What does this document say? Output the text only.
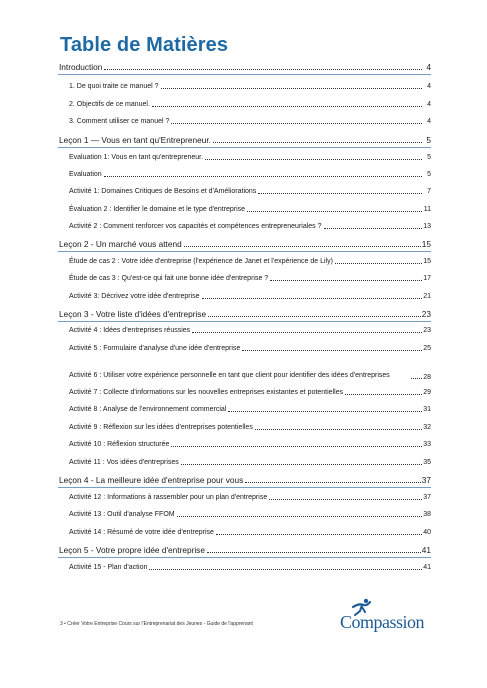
Table de Matières
Introduction	4
1. De quoi traite ce manuel ?	4
2. Objectifs de ce manuel.	4
3. Comment utiliser ce manuel ?	4
Leçon 1 — Vous en tant qu'Entrepreneur.	5
Evaluation 1: Vous en tant qu'entrepreneur.	5
Evaluation	5
Activité 1: Domaines Critiques de Besoins et d'Améliorations	7
Évaluation 2 : Identifier le domaine et le type d'entreprise	11
Activité 2 : Comment renforcer vos capacités et compétences entrepreneuriales ?	13
Leçon 2 - Un marché vous attend	15
Étude de cas 2 : Votre idée d'entreprise (l'expérience de Janet et l'expérience de Lily)	15
Étude de cas 3 : Qu'est-ce qui fait une bonne idée d'entreprise ?	17
Activité 3: Décrivez votre idée d'entreprise	21
Leçon 3 - Votre liste d'idées d'entreprise	23
Activité 4 : Idées d'entreprises réussies	23
Activité 5 : Formulaire d'analyse d'une idée d'entreprise	25
Activité 6 : Utiliser votre expérience personnelle en tant que client pour identifier des idées d'entreprises	28
Activité 7 : Collecte d'informations sur les nouvelles entreprises existantes et potentielles	29
Activité 8 : Analyse de l'environnement commercial	31
Activité 9 : Réflexion sur les idées d'entreprises potentielles	32
Activité 10 : Réflexion structurée	33
Activité 11 : Vos idées d'entreprises	35
Leçon 4 - La meilleure idée d'entreprise pour vous	37
Activité 12 : Informations à rassembler pour un plan d'entreprise	37
Activité 13 : Outil d'analyse FFOM	38
Activité 14 : Résumé de votre idée d'entreprise	40
Leçon 5 - Votre propre idée d'entreprise	41
Activité 15 - Plan d'action	41
3 • Créer Votre Entreprise Cours sur l'Entreprenariat des Jeunes - Guide de l'apprenant	Compassion
